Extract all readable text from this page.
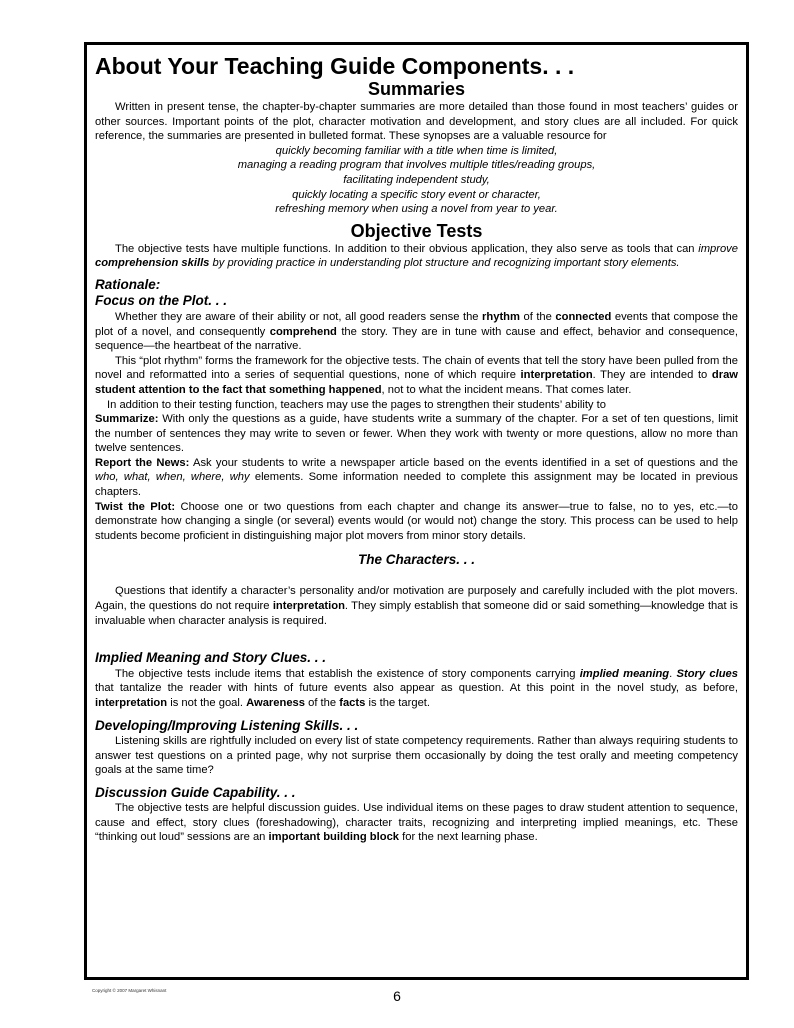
About Your Teaching Guide Components. . .
Summaries

Written in present tense, the chapter-by-chapter summaries are more detailed than those found in most teachers’ guides or other sources. Important points of the plot, character motivation and development, and story clues are all included. For quick reference, the summaries are presented in bulleted format. These synopses are a valuable resource for

quickly becoming familiar with a title when time is limited,
managing a reading program that involves multiple titles/reading groups,
facilitating independent study,
quickly locating a specific story event or character,
refreshing memory when using a novel from year to year.
Objective Tests

The objective tests have multiple functions. In addition to their obvious application, they also serve as tools that can improve comprehension skills by providing practice in understanding plot structure and recognizing important story elements.

Rationale:
Focus on the Plot. . .

Whether they are aware of their ability or not, all good readers sense the rhythm of the connected events that compose the plot of a novel, and consequently comprehend the story. They are in tune with cause and effect, behavior and consequence, sequence—the heartbeat of the narrative.

This “plot rhythm” forms the framework for the objective tests. The chain of events that tell the story have been pulled from the novel and reformatted into a series of sequential questions, none of which require interpretation. They are intended to draw student attention to the fact that something happened, not to what the incident means. That comes later.

In addition to their testing function, teachers may use the pages to strengthen their students’ ability to

Summarize: With only the questions as a guide, have students write a summary of the chapter. For a set of ten questions, limit the number of sentences they may write to seven or fewer. When they work with twenty or more questions, allow no more than twelve sentences.

Report the News: Ask your students to write a newspaper article based on the events identified in a set of questions and the who, what, when, where, why elements. Some information needed to complete this assignment may be located in previous chapters.

Twist the Plot: Choose one or two questions from each chapter and change its answer—true to false, no to yes, etc.—to demonstrate how changing a single (or several) events would (or would not) change the story. This process can be used to help students become proficient in distinguishing major plot movers from minor story details.

The Characters. . .

Questions that identify a character’s personality and/or motivation are purposely and carefully included with the plot movers. Again, the questions do not require interpretation. They simply establish that someone did or said something—knowledge that is invaluable when character analysis is required.

Implied Meaning and Story Clues. . .

The objective tests include items that establish the existence of story components carrying implied meaning. Story clues that tantalize the reader with hints of future events also appear as question. At this point in the novel study, as before, interpretation is not the goal. Awareness of the facts is the target.

Developing/Improving Listening Skills. . .

Listening skills are rightfully included on every list of state competency requirements. Rather than always requiring students to answer test questions on a printed page, why not surprise them occasionally by doing the test orally and meeting competency goals at the same time?

Discussion Guide Capability. . .

The objective tests are helpful discussion guides. Use individual items on these pages to draw student attention to sequence, cause and effect, story clues (foreshadowing), character traits, recognizing and interpreting implied meanings, etc. These “thinking out loud” sessions are an important building block for the next learning phase.

Copyright © 2007 Margaret Whisnant	6
